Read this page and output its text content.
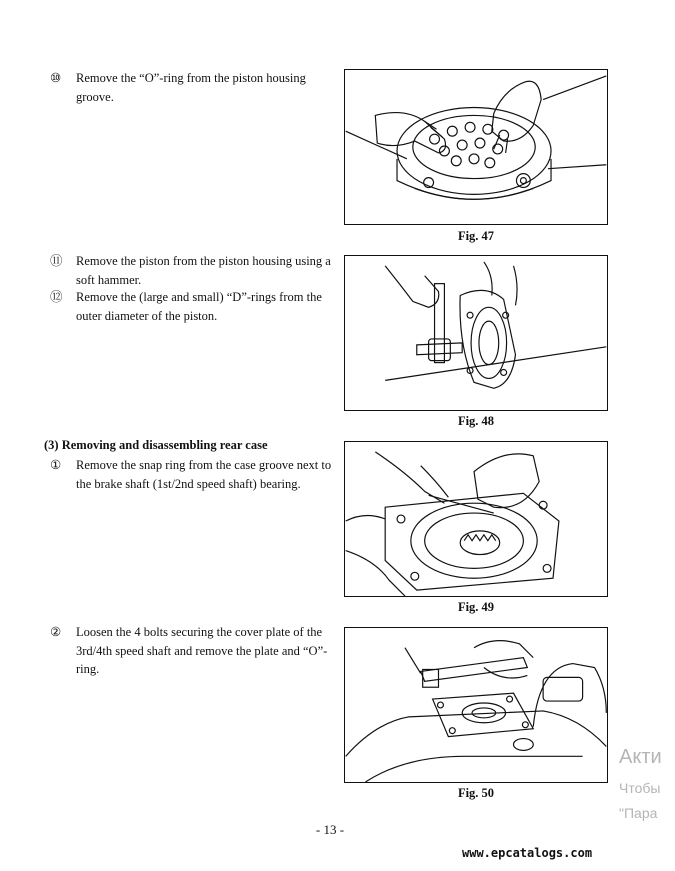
⑩	Remove the “O”-ring from the piston housing groove.
⑪	Remove the piston from the piston housing using a soft hammer.
⑫	Remove the (large and small) “D”-rings from the outer diameter of the piston.
(3) Removing and disassembling rear case
①	Remove the snap ring from the case groove next to the brake shaft (1st/2nd speed shaft) bearing.
②	Loosen the 4 bolts securing the cover plate of the 3rd/4th speed shaft and remove the plate and “O”-ring.
Fig. 47
Fig. 48
Fig. 49
Fig. 50
- 13 -
www.epcatalogs.com
Акти
Чтобы
"Пара
